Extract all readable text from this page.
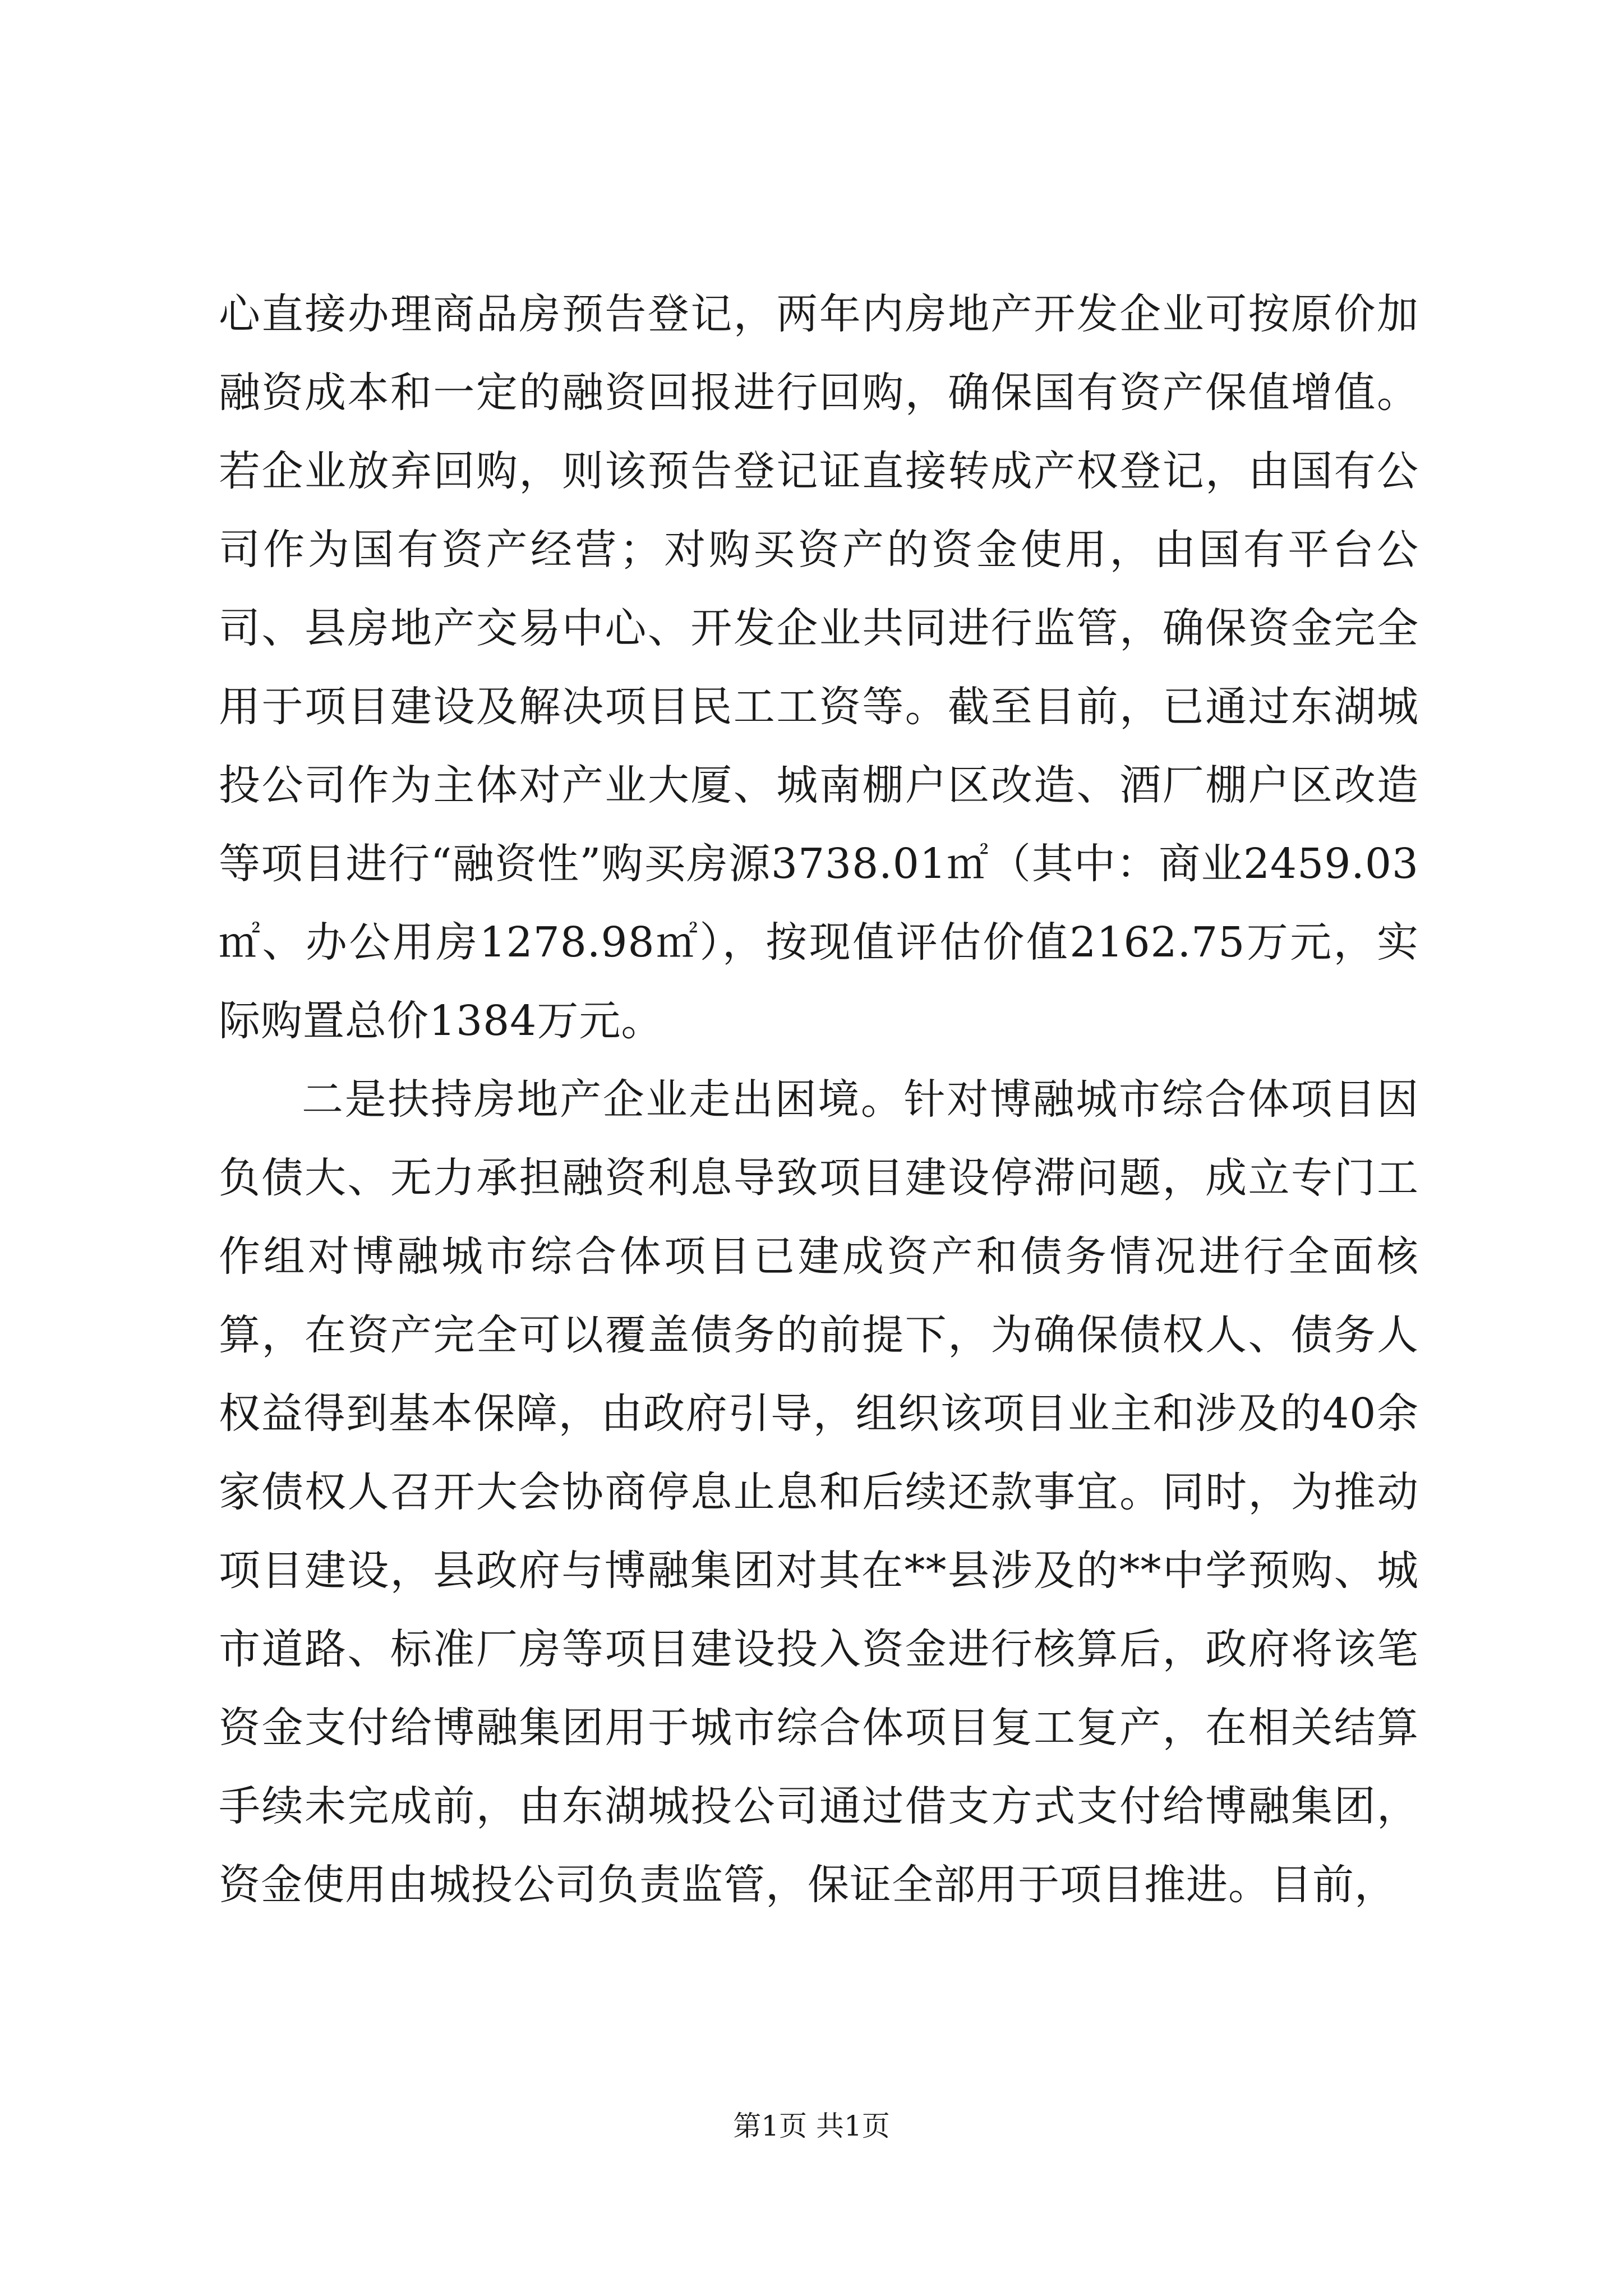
心直接办理商品房预告登记，两年内房地产开发企业可按原价加融资成本和一定的融资回报进行回购，确保国有资产保值增值。若企业放弃回购，则该预告登记证直接转成产权登记，由国有公司作为国有资产经营；对购买资产的资金使用，由国有平台公司、县房地产交易中心、开发企业共同进行监管，确保资金完全用于项目建设及解决项目民工工资等。截至目前，已通过东湖城投公司作为主体对产业大厦、城南棚户区改造、酒厂棚户区改造等项目进行“融资性”购买房源3738.01㎡（其中：商业2459.03㎡、办公用房1278.98㎡），按现值评估价值2162.75万元，实际购置总价1384万元。

二是扶持房地产企业走出困境。针对博融城市综合体项目因负债大、无力承担融资利息导致项目建设停滞问题，成立专门工作组对博融城市综合体项目已建成资产和债务情况进行全面核算，在资产完全可以覆盖债务的前提下，为确保债权人、债务人权益得到基本保障，由政府引导，组织该项目业主和涉及的40余家债权人召开大会协商停息止息和后续还款事宜。同时，为推动项目建设，县政府与博融集团对其在**县涉及的**中学预购、城市道路、标准厂房等项目建设投入资金进行核算后，政府将该笔资金支付给博融集团用于城市综合体项目复工复产，在相关结算手续未完成前，由东湖城投公司通过借支方式支付给博融集团，资金使用由城投公司负责监管，保证全部用于项目推进。目前，

第1页 共1页
